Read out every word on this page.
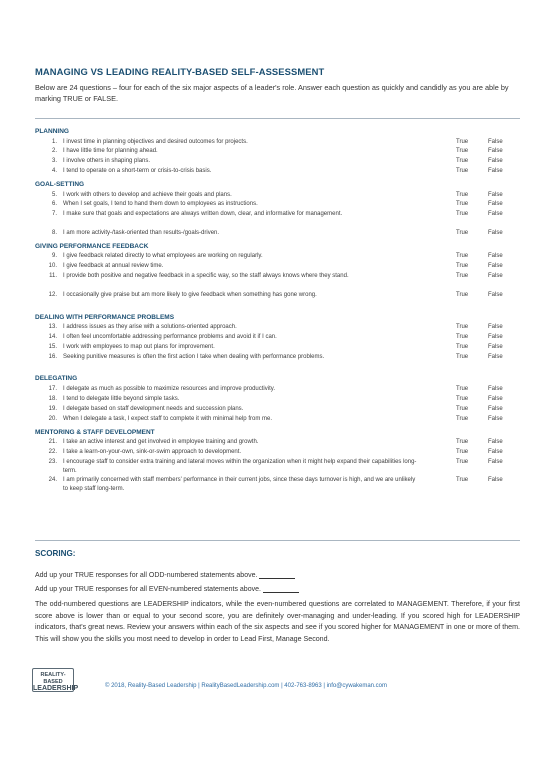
MANAGING VS LEADING REALITY-BASED SELF-ASSESSMENT
Below are 24 questions – four for each of the six major aspects of a leader's role. Answer each question as quickly and candidly as you are able by marking TRUE or FALSE.
PLANNING
1. I invest time in planning objectives and desired outcomes for projects.	True	False
2. I have little time for planning ahead.	True	False
3. I involve others in shaping plans.	True	False
4. I tend to operate on a short-term or crisis-to-crisis basis.	True	False
GOAL-SETTING
5. I work with others to develop and achieve their goals and plans.	True	False
6. When I set goals, I tend to hand them down to employees as instructions.	True	False
7. I make sure that goals and expectations are always written down, clear, and informative for management.	True	False
8. I am more activity-/task-oriented than results-/goals-driven.	True	False
GIVING PERFORMANCE FEEDBACK
9. I give feedback related directly to what employees are working on regularly.	True	False
10. I give feedback at annual review time.	True	False
11. I provide both positive and negative feedback in a specific way, so the staff always knows where they stand.	True	False
12. I occasionally give praise but am more likely to give feedback when something has gone wrong.	True	False
DEALING WITH PERFORMANCE PROBLEMS
13. I address issues as they arise with a solutions-oriented approach.	True	False
14. I often feel uncomfortable addressing performance problems and avoid it if I can.	True	False
15. I work with employees to map out plans for improvement.	True	False
16. Seeking punitive measures is often the first action I take when dealing with performance problems.	True	False
DELEGATING
17. I delegate as much as possible to maximize resources and improve productivity.	True	False
18. I tend to delegate little beyond simple tasks.	True	False
19. I delegate based on staff development needs and succession plans.	True	False
20. When I delegate a task, I expect staff to complete it with minimal help from me.	True	False
MENTORING & STAFF DEVELOPMENT
21. I take an active interest and get involved in employee training and growth.	True	False
22. I take a learn-on-your-own, sink-or-swim approach to development.	True	False
23. I encourage staff to consider extra training and lateral moves within the organization when it might help expand their capabilities long-term.
True	False
24. I am primarily concerned with staff members' performance in their current jobs, since these days turnover is high, and we are unlikely to keep staff long-term.
True	False
SCORING:
Add up your TRUE responses for all ODD-numbered statements above.
Add up your TRUE responses for all EVEN-numbered statements above.
The odd-numbered questions are LEADERSHIP indicators, while the even-numbered questions are correlated to MANAGEMENT. Therefore, if your first score above is lower than or equal to your second score, you are definitely over-managing and under-leading. If you scored high for LEADERSHIP indicators, that's great news. Review your answers within each of the six aspects and see if you scored higher for MANAGEMENT in one or more of them. This will show you the skills you most need to develop in order to Lead First, Manage Second.
REALITY-BASED
LEADERSHIP	© 2018, Reality-Based Leadership | RealityBasedLeadership.com | 402-763-8963 | info@cywakeman.com
